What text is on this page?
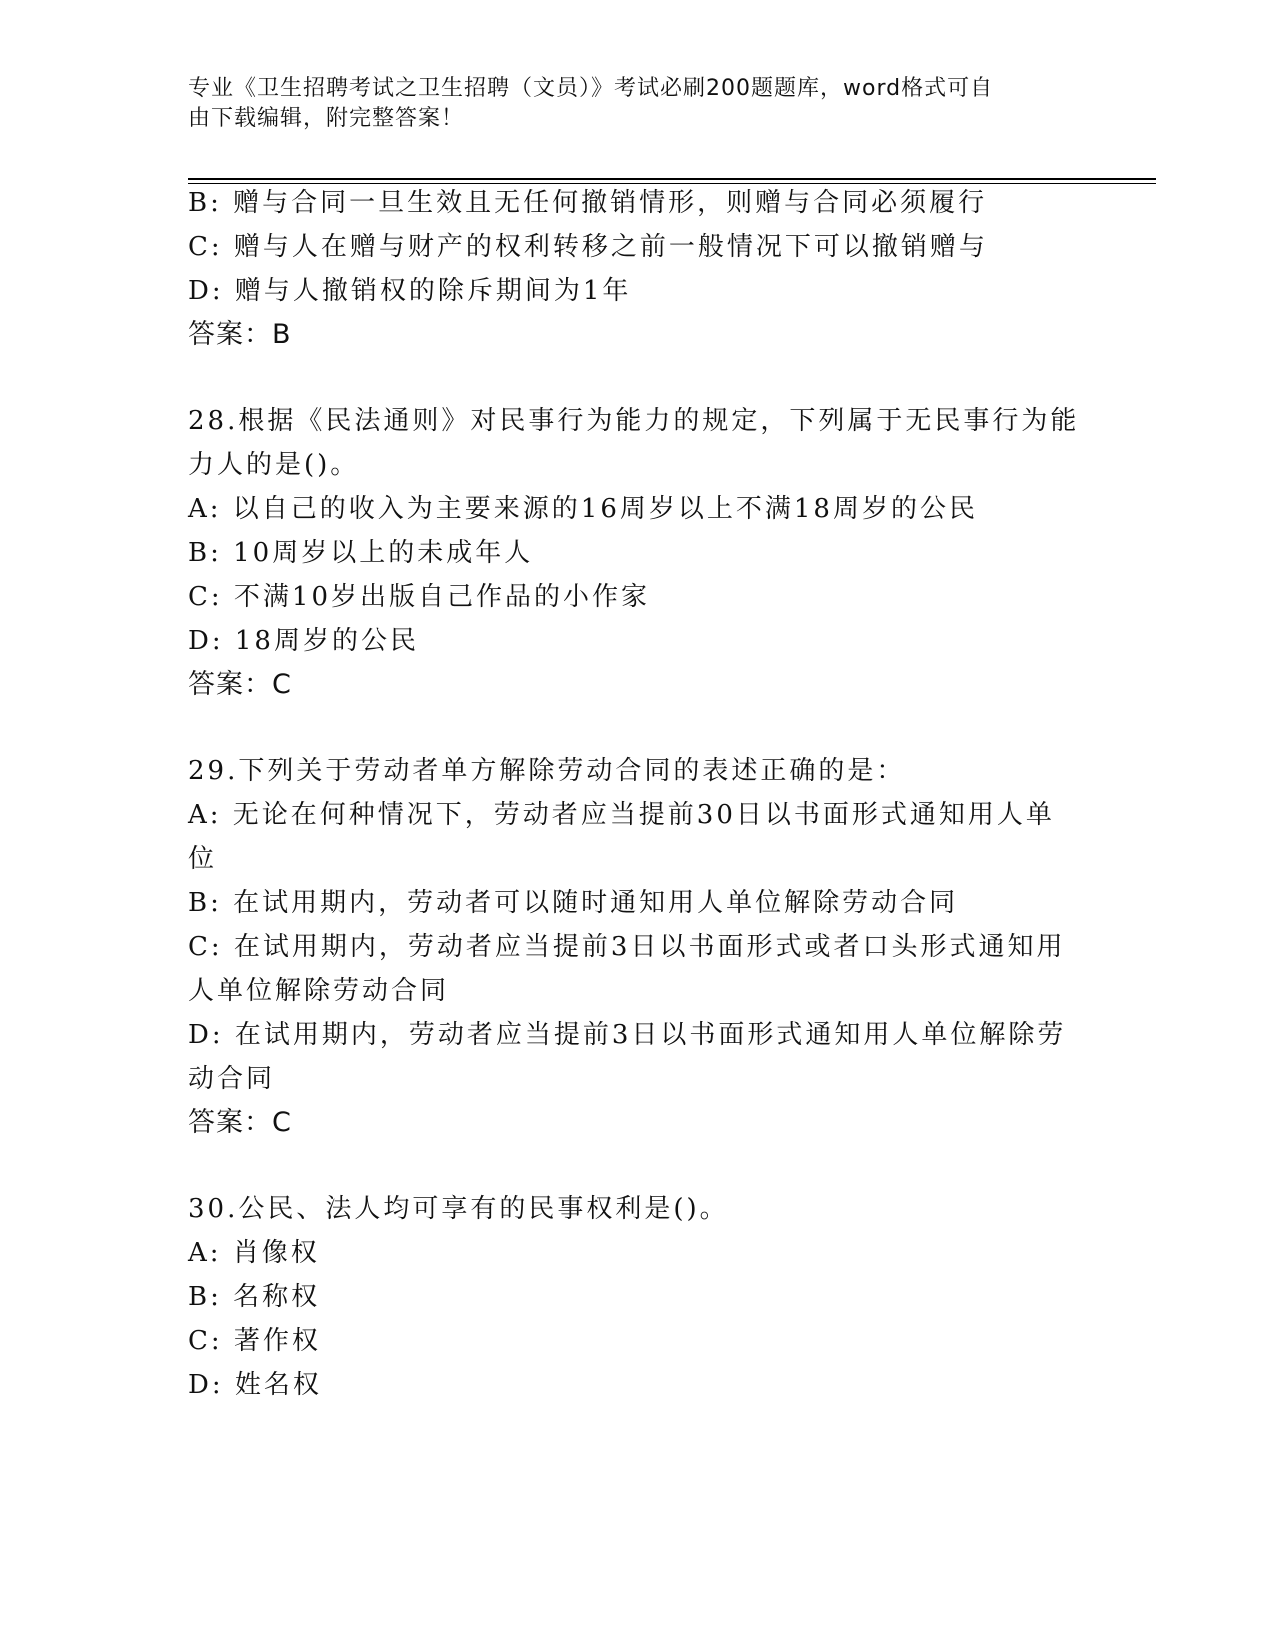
专业《卫生招聘考试之卫生招聘（文员）》考试必刷200题题库，word格式可自
由下载编辑，附完整答案！
B: 赠与合同一旦生效且无任何撤销情形，则赠与合同必须履行
C: 赠与人在赠与财产的权利转移之前一般情况下可以撤销赠与
D: 赠与人撤销权的除斥期间为1年
答案：B
28.根据《民法通则》对民事行为能力的规定，下列属于无民事行为能
力人的是()。
A: 以自己的收入为主要来源的16周岁以上不满18周岁的公民
B: 10周岁以上的未成年人
C: 不满10岁出版自己作品的小作家
D: 18周岁的公民
答案：C
29.下列关于劳动者单方解除劳动合同的表述正确的是：
A: 无论在何种情况下，劳动者应当提前30日以书面形式通知用人单
位
B: 在试用期内，劳动者可以随时通知用人单位解除劳动合同
C: 在试用期内，劳动者应当提前3日以书面形式或者口头形式通知用
人单位解除劳动合同
D: 在试用期内，劳动者应当提前3日以书面形式通知用人单位解除劳
动合同
答案：C
30.公民、法人均可享有的民事权利是()。
A: 肖像权
B: 名称权
C: 著作权
D: 姓名权
